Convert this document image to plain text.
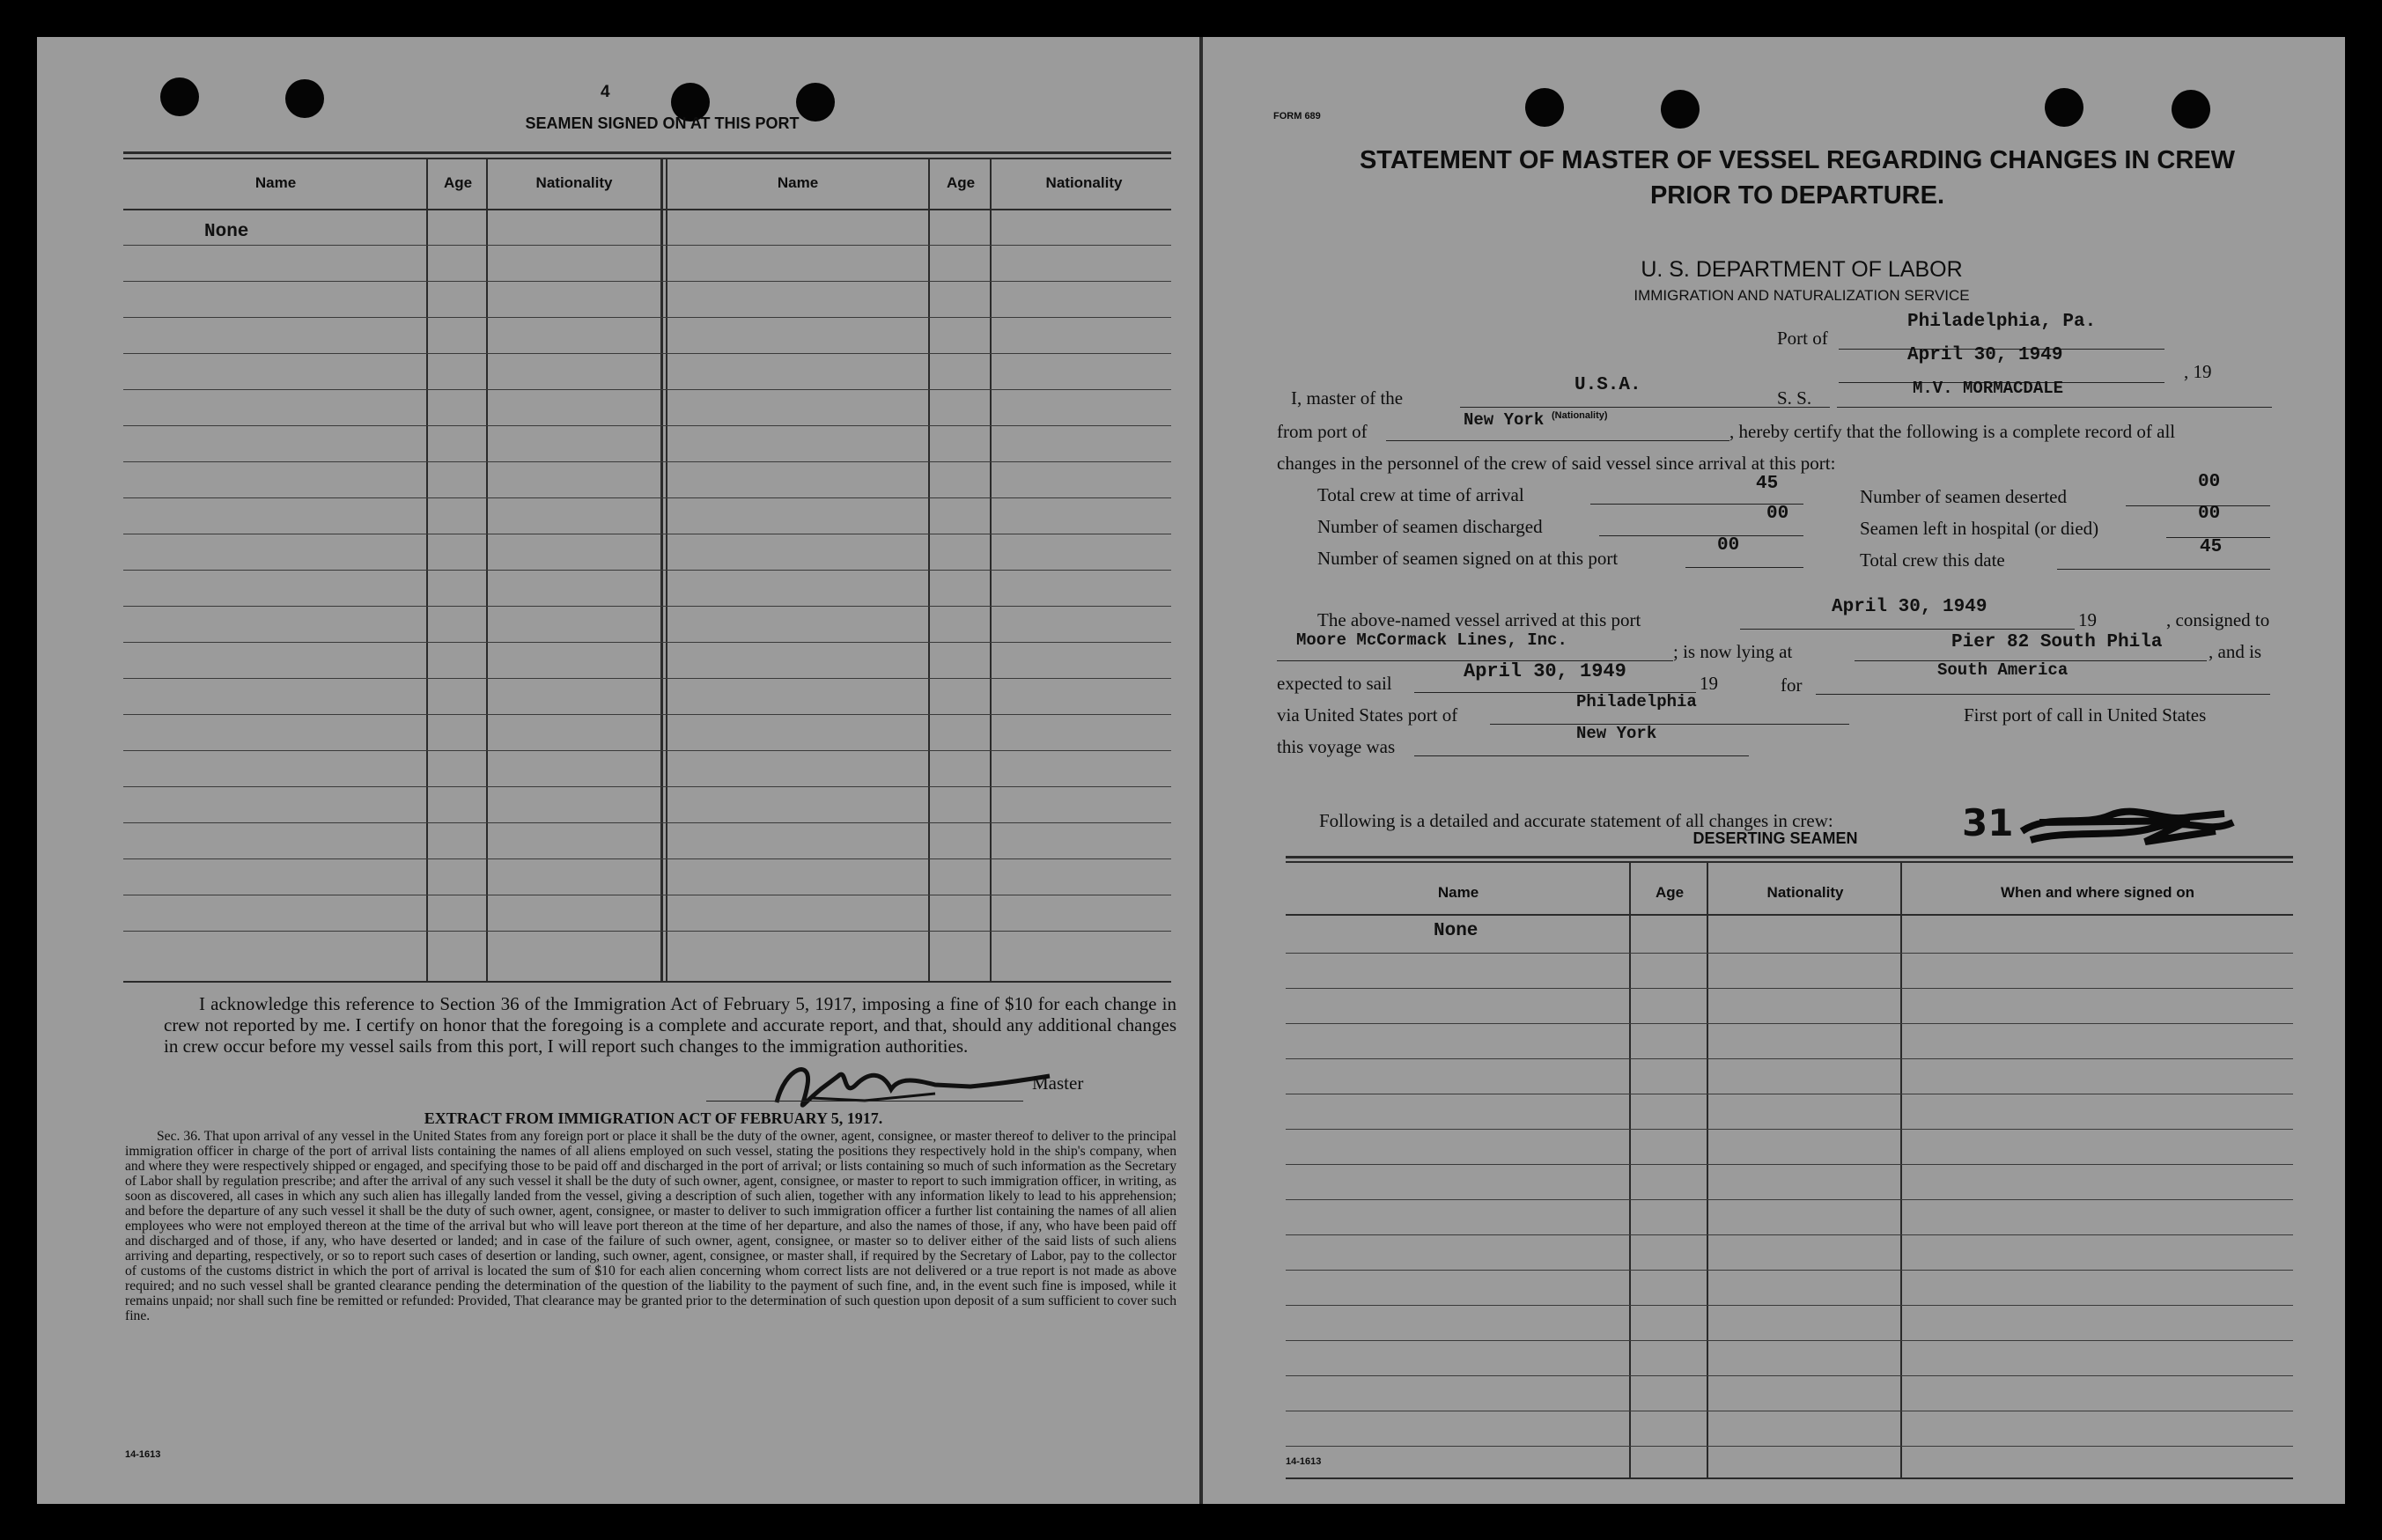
4
SEAMEN SIGNED ON AT THIS PORT
Name	Age	Nationality	Name	Age	Nationality
None
I acknowledge this reference to Section 36 of the Immigration Act of February 5, 1917, imposing a fine of $10 for each change in crew not reported by me. I certify on honor that the foregoing is a complete and accurate report, and that, should any additional changes in crew occur before my vessel sails from this port, I will report such changes to the immigration authorities.
Master
EXTRACT FROM IMMIGRATION ACT OF FEBRUARY 5, 1917.
Sec. 36. That upon arrival of any vessel in the United States from any foreign port or place it shall be the duty of the owner, agent, consignee, or master thereof to deliver to the principal immigration officer in charge of the port of arrival lists containing the names of all aliens employed on such vessel, stating the positions they respectively hold in the ship's company, when and where they were respectively shipped or engaged, and specifying those to be paid off and discharged in the port of arrival; or lists containing so much of such information as the Secretary of Labor shall by regulation prescribe; and after the arrival of any such vessel it shall be the duty of such owner, agent, consignee, or master to report to such immigration officer, in writing, as soon as discovered, all cases in which any such alien has illegally landed from the vessel, giving a description of such alien, together with any information likely to lead to his apprehension; and before the departure of any such vessel it shall be the duty of such owner, agent, consignee, or master to deliver to such immigration officer a further list containing the names of all alien employees who were not employed thereon at the time of the arrival but who will leave port thereon at the time of her departure, and also the names of those, if any, who have been paid off and discharged and of those, if any, who have deserted or landed; and in case of the failure of such owner, agent, consignee, or master so to deliver either of the said lists of such aliens arriving and departing, respectively, or so to report such cases of desertion or landing, such owner, agent, consignee, or master shall, if required by the Secretary of Labor, pay to the collector of customs of the customs district in which the port of arrival is located the sum of $10 for each alien concerning whom correct lists are not delivered or a true report is not made as above required; and no such vessel shall be granted clearance pending the determination of the question of the liability to the payment of such fine, and, in the event such fine is imposed, while it remains unpaid; nor shall such fine be remitted or refunded: Provided, That clearance may be granted prior to the determination of such question upon deposit of a sum sufficient to cover such fine.
14-1613
FORM 689
STATEMENT OF MASTER OF VESSEL REGARDING CHANGES IN CREW
PRIOR TO DEPARTURE.
U. S. DEPARTMENT OF LABOR
IMMIGRATION AND NATURALIZATION SERVICE
Port of
Philadelphia, Pa.
April 30, 1949
, 19
I, master of the
U.S.A.
S. S.	M.V. MORMACDALE
from port of
New York (Nationality)
, hereby certify that the following is a complete record of all
changes in the personnel of the crew of said vessel since arrival at this port:
Total crew at time of arrival
45
Number of seamen deserted
00
Number of seamen discharged
00
Seamen left in hospital (or died)
00
Number of seamen signed on at this port
00
Total crew this date
45
The above-named vessel arrived at this port
April 30, 1949
19	, consigned to
Moore McCormack Lines, Inc.
; is now lying at	Pier 82 South Phila	, and is
expected to sail
April 30, 1949
19	for
South America
via United States port of
Philadelphia
First port of call in United States
this voyage was
New York
Following is a detailed and accurate statement of all changes in crew:	31
DESERTING SEAMEN
Name	Age	Nationality	When and where signed on
None
14-1613
